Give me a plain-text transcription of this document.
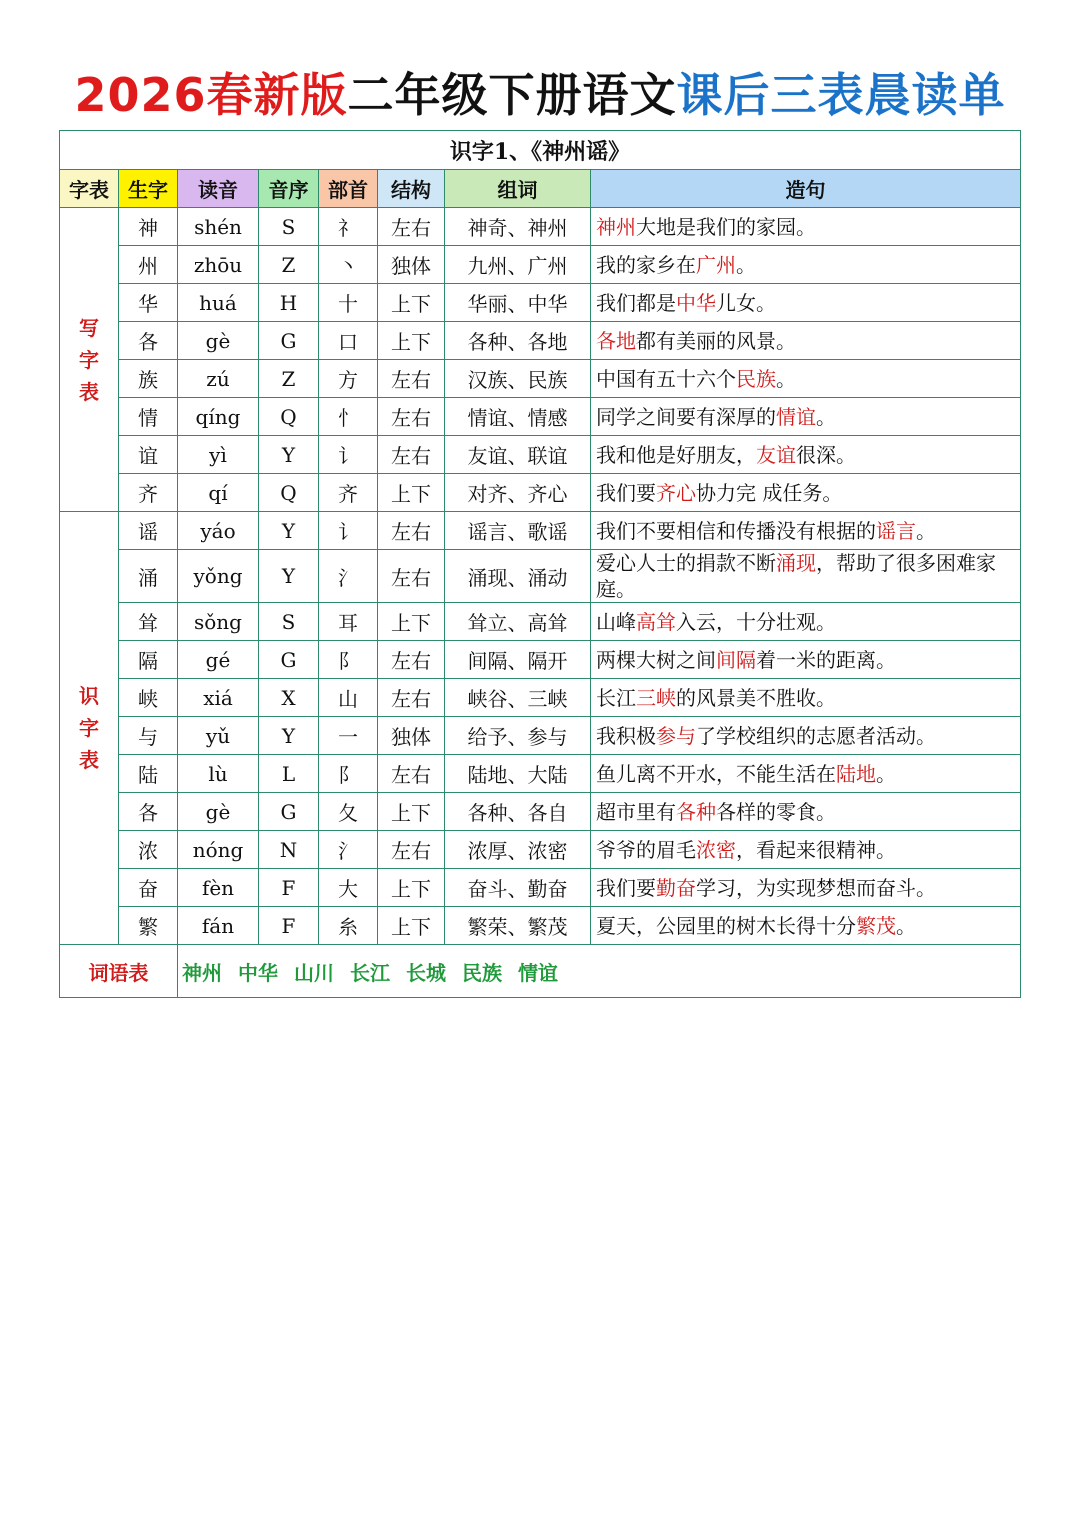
2026春新版二年级下册语文课后三表晨读单
识字1、《神州谣》							
字表	生字	读音	音序	部首	结构	组词	造句

写
字
表	神	shén	S	礻	左右	神奇、神州	神州大地是我们的家园。
	州	zhōu	Z	丶	独体	九州、广州	我的家乡在广州。
	华	huá	H	十	上下	华丽、中华	我们都是中华儿女。
	各	gè	G	口	上下	各种、各地	各地都有美丽的风景。
	族	zú	Z	方	左右	汉族、民族	中国有五十六个民族。
	情	qíng	Q	忄	左右	情谊、情感	同学之间要有深厚的情谊。
	谊	yì	Y	讠	左右	友谊、联谊	我和他是好朋友，友谊很深。
	齐	qí	Q	齐	上下	对齐、齐心	我们要齐心协力完 成任务。

识
字
表	谣	yáo	Y	讠	左右	谣言、歌谣	我们不要相信和传播没有根据的谣言。
	涌	yǒng	Y	氵	左右	涌现、涌动	爱心人士的捐款不断涌现，帮助了很多困难家庭。
	耸	sǒng	S	耳	上下	耸立、高耸	山峰高耸入云，十分壮观。
	隔	gé	G	阝	左右	间隔、隔开	两棵大树之间间隔着一米的距离。
	峡	xiá	X	山	左右	峡谷、三峡	长江三峡的风景美不胜收。
	与	yǔ	Y	一	独体	给予、参与	我积极参与了学校组织的志愿者活动。
	陆	lù	L	阝	左右	陆地、大陆	鱼儿离不开水，不能生活在陆地。
	各	gè	G	夂	上下	各种、各自	超市里有各种各样的零食。
	浓	nóng	N	氵	左右	浓厚、浓密	爷爷的眉毛浓密，看起来很精神。
	奋	fèn	F	大	上下	奋斗、勤奋	我们要勤奋学习，为实现梦想而奋斗。
	繁	fán	F	糸	上下	繁荣、繁茂	夏天，公园里的树木长得十分繁茂。
词语表		神州 中华 山川 长江 长城 民族 情谊					
